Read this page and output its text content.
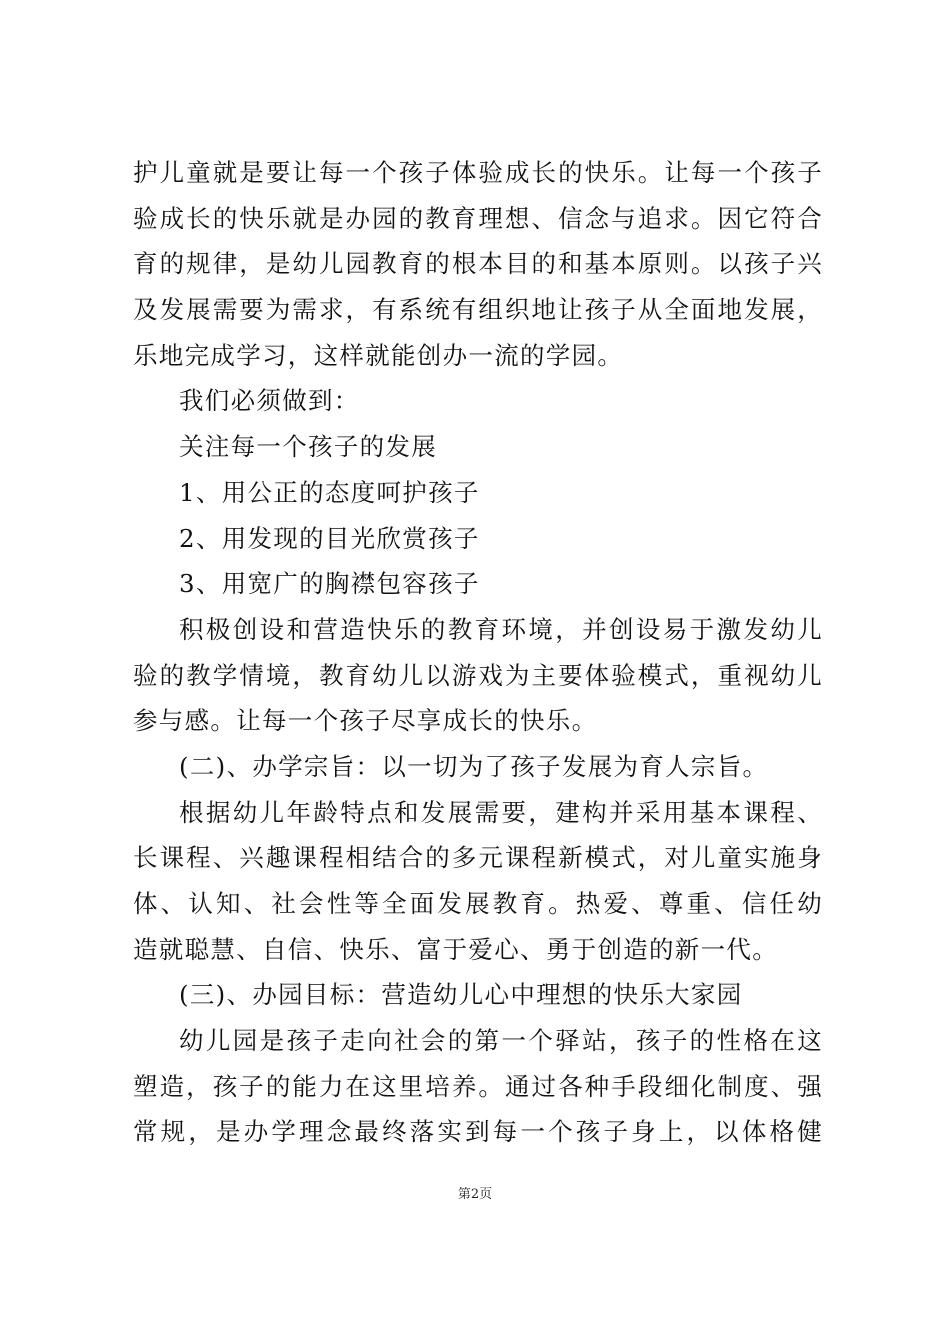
护儿童就是要让每一个孩子体验成长的快乐。让每一个孩子
验成长的快乐就是办园的教育理想、信念与追求。因它符合
育的规律，是幼儿园教育的根本目的和基本原则。以孩子兴
及发展需要为需求，有系统有组织地让孩子从全面地发展，
乐地完成学习，这样就能创办一流的学园。
我们必须做到：
关注每一个孩子的发展
1、用公正的态度呵护孩子
2、用发现的目光欣赏孩子
3、用宽广的胸襟包容孩子
积极创设和营造快乐的教育环境，并创设易于激发幼儿
验的教学情境，教育幼儿以游戏为主要体验模式，重视幼儿
参与感。让每一个孩子尽享成长的快乐。
(二)、办学宗旨：以一切为了孩子发展为育人宗旨。
根据幼儿年龄特点和发展需要，建构并采用基本课程、
长课程、兴趣课程相结合的多元课程新模式，对儿童实施身
体、认知、社会性等全面发展教育。热爱、尊重、信任幼
造就聪慧、自信、快乐、富于爱心、勇于创造的新一代。
(三)、办园目标：营造幼儿心中理想的快乐大家园
幼儿园是孩子走向社会的第一个驿站，孩子的性格在这
塑造，孩子的能力在这里培养。通过各种手段细化制度、强
常规，是办学理念最终落实到每一个孩子身上，以体格健
第2页
